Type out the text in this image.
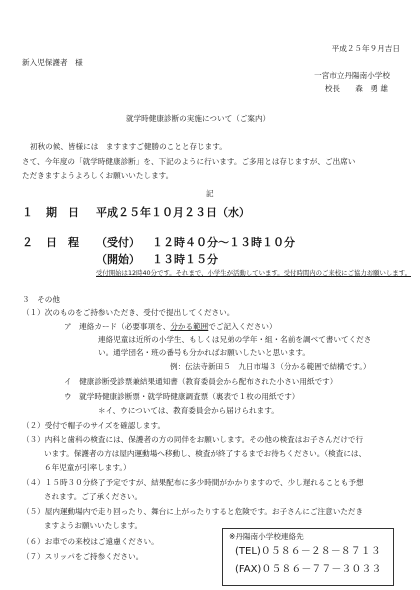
平成２５年９月吉日
新入児保護者　様
一宮市立丹陽南小学校
校長　　森　勇 雄
就学時健康診断の実施について（ご案内）
初秋の候、皆様には　ますますご健勝のことと存じます。
さて、今年度の「就学時健康診断」を、下記のように行います。ご多用とは存じますが、ご出席い
ただきますようよろしくお願いいたします。
記
１ 期　日 平成２５年１０月２３日（水）
２ 日　程 （受付） １２時４０分～１３時１０分
（開始） １３時１５分
受付開始は12時40分です。それまで、小学生が活動しています。受付時間内のご来校にご協力お願いします。
３　その他
（１）次のものをご持参いただき、受付で提出してください。
ア　連絡カード（必要事項を、分かる範囲でご記入ください）
連絡児童は近所の小学生、もしくは兄弟の学年・組・名前を調べて書いてくださ
い。通学団名・班の番号も分かればお願いしたいと思います。
例：伝法寺新田５　九日市場３（分かる範囲で結構です。）
イ　健康診断受診票兼結果通知書（教育委員会から配布された小さい用紙です）
ウ　就学時健康診断票・就学時健康調査票（裏表で１枚の用紙です）
＊イ、ウについては、教育委員会から届けられます。
（２）受付で帽子のサイズを確認します。
（３）内科と歯科の検査には、保護者の方の同伴をお願いします。その他の検査はお子さんだけで行
います。保護者の方は屋内運動場へ移動し、検査が終了するまでお待ちください。（検査には、
６年児童が引率します。）
（４）１５時３０分終了予定ですが、結果配布に多少時間がかかりますので、少し遅れることも予想
されます。ご了承ください。
（５）屋内運動場内で走り回ったり、舞台に上がったりすると危険です。お子さんにご注意いただき
ますようお願いいたします。
（６）お車での来校はご遠慮ください。
（７）スリッパをご持参ください。
※丹陽南小学校連絡先
(TEL)０５８６－２８－８７１３
(FAX)０５８６－７７－３０３３
